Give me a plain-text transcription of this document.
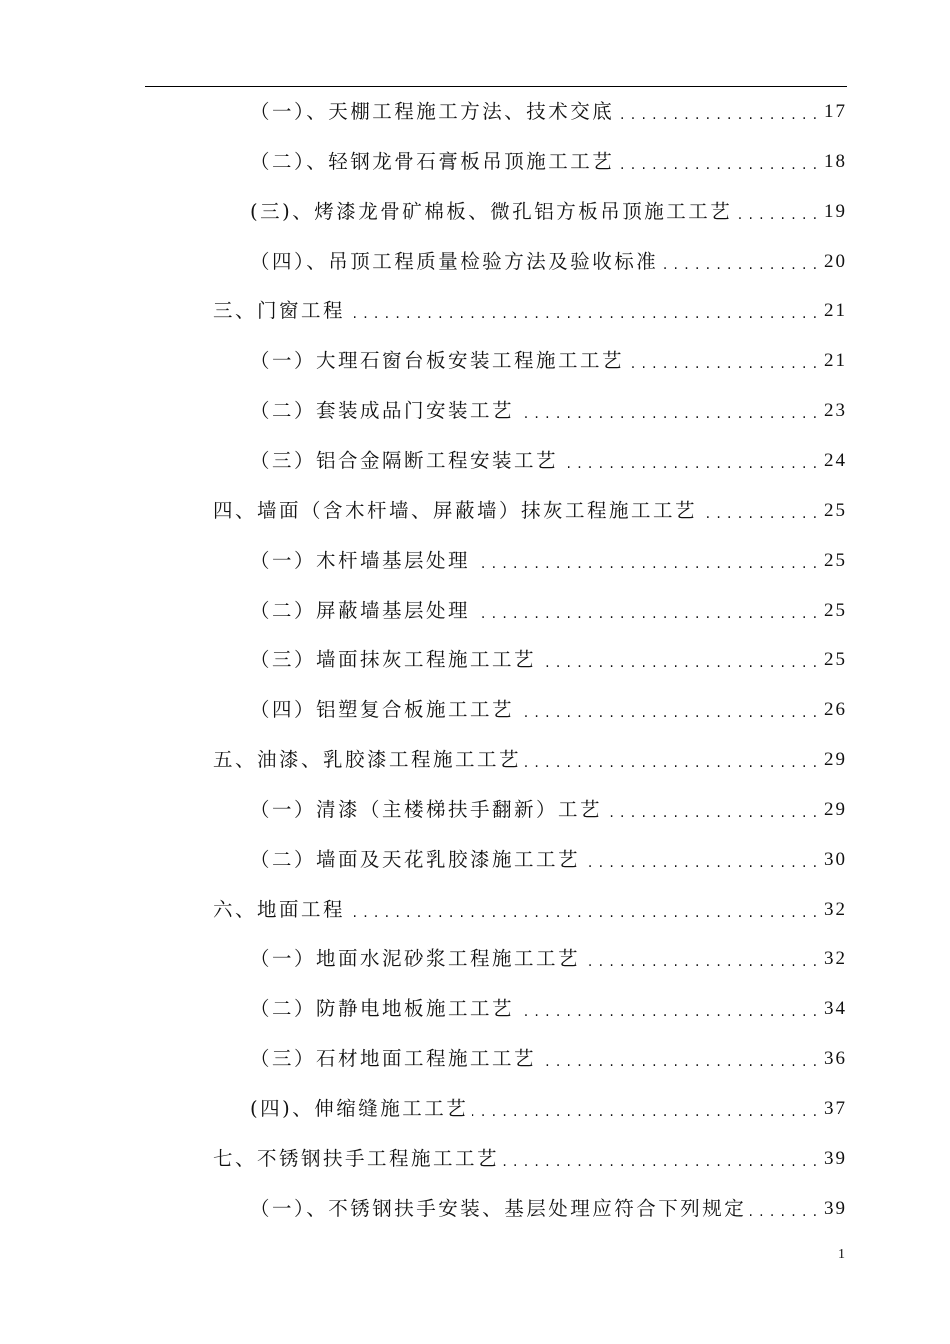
（一）、天棚工程施工方法、技术交底 . . .	17
（二）、轻钢龙骨石膏板吊顶施工工艺 . . .	18
(三)、烤漆龙骨矿棉板、微孔铝方板吊顶施工工艺 . . .	19
（四）、吊顶工程质量检验方法及验收标准 . . .	20
三、门窗工程 . . .	21
（一）大理石窗台板安装工程施工工艺 . . .	21
（二）套装成品门安装工艺 . . .	23
（三）铝合金隔断工程安装工艺 . . .	24
四、墙面（含木杆墙、屏蔽墙）抹灰工程施工工艺 . . .	25
（一）木杆墙基层处理 . . .	25
（二）屏蔽墙基层处理 . . .	25
（三）墙面抹灰工程施工工艺 . . .	25
（四）铝塑复合板施工工艺 . . .	26
五、油漆、乳胶漆工程施工工艺 . . .	29
（一）清漆（主楼梯扶手翻新）工艺 . . .	29
（二）墙面及天花乳胶漆施工工艺 . . .	30
六、地面工程 . . .	32
（一）地面水泥砂浆工程施工工艺 . . .	32
（二）防静电地板施工工艺 . . .	34
（三）石材地面工程施工工艺 . . .	36
(四)、伸缩缝施工工艺 . . .	37
七、不锈钢扶手工程施工工艺 . . .	39
（一）、不锈钢扶手安装、基层处理应符合下列规定 . . .	39
1
